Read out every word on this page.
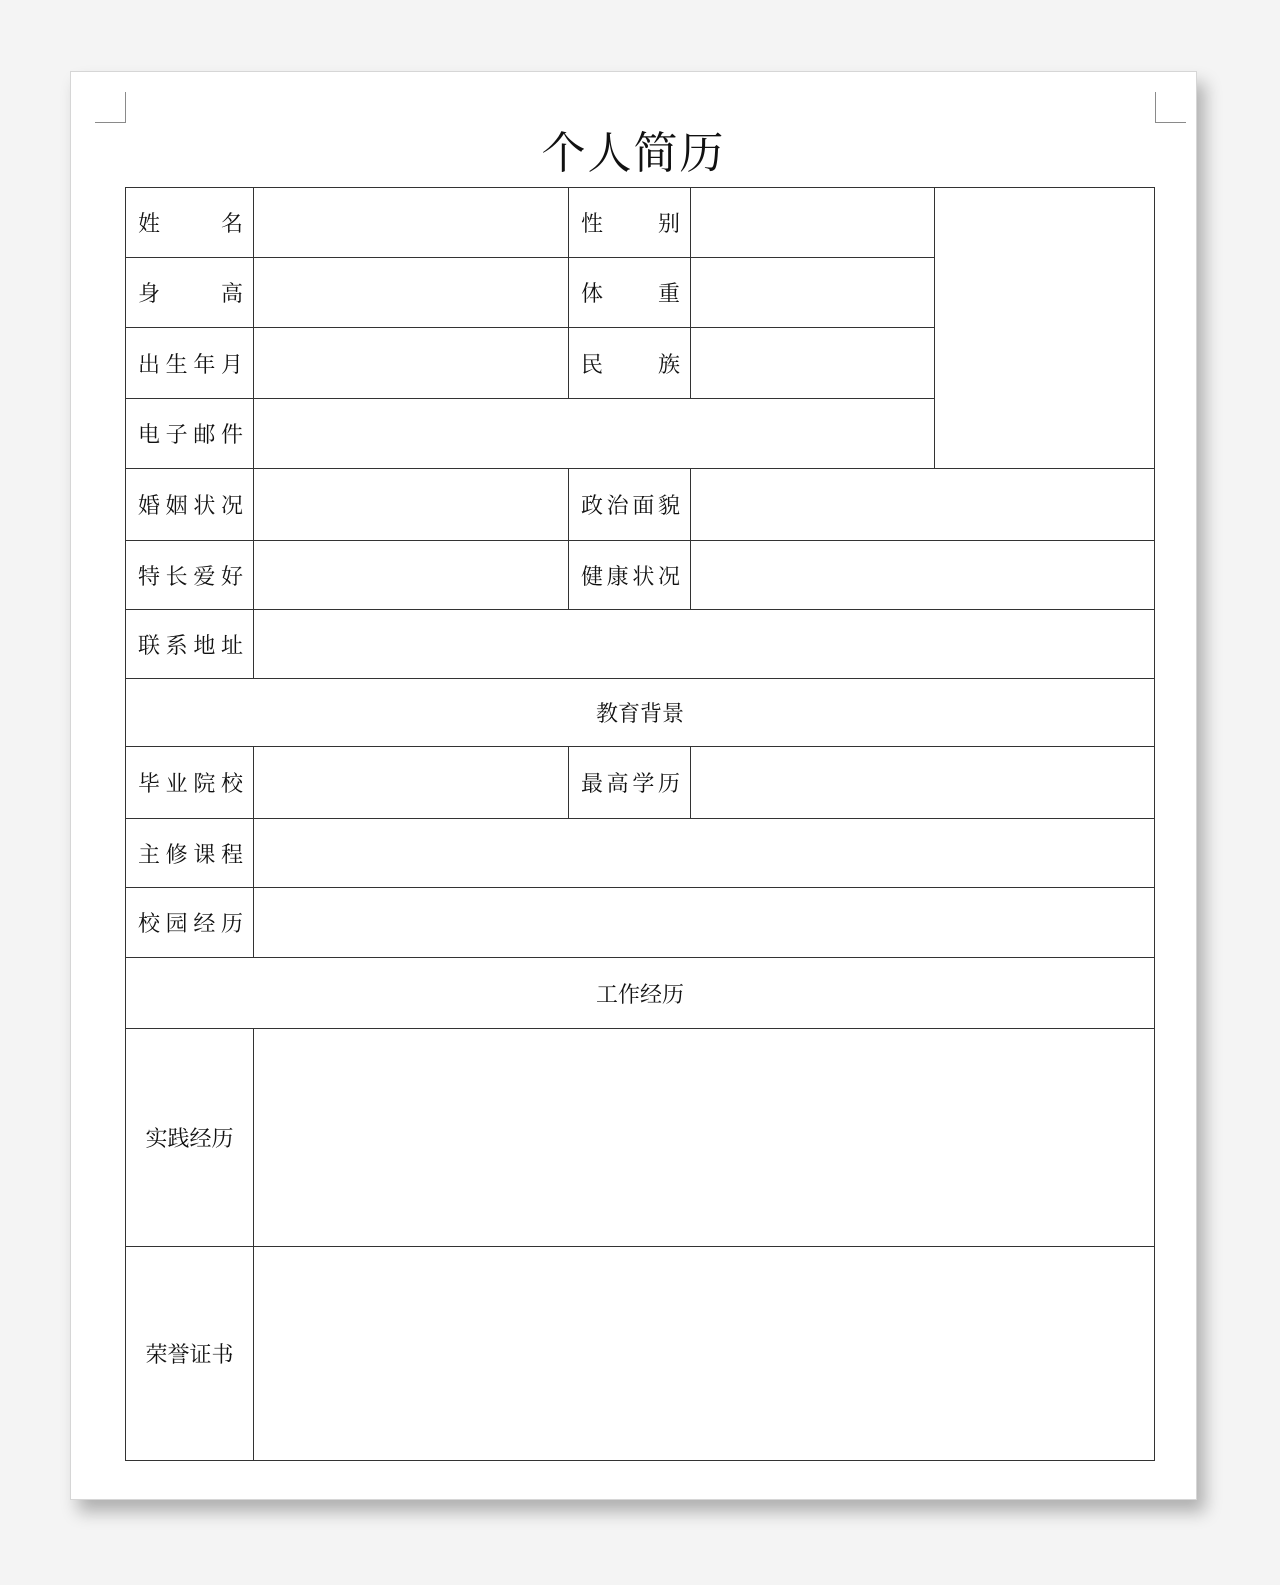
个人简历
姓　　名		性　　别		
身　　高		体　　重		
出生年月		民　　族		
电子邮件				
婚姻状况		政治面貌		
特长爱好		健康状况		
联系地址				
教育背景				
毕业院校		最高学历		
主修课程				
校园经历				
工作经历				
实践经历				
荣誉证书				
